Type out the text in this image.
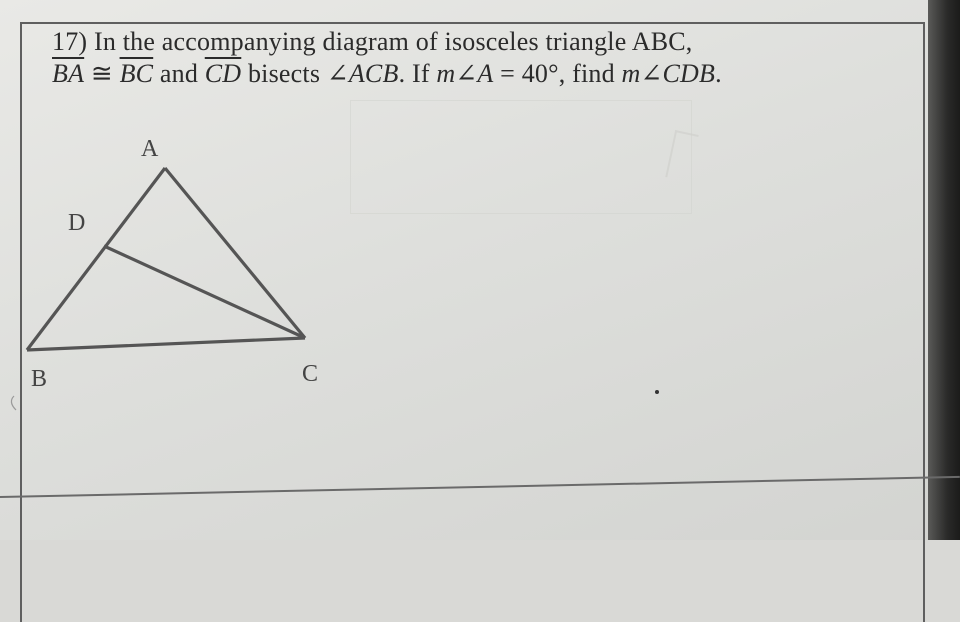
17) In the accompanying diagram of isosceles triangle ABC,
$\overline{BA}$ ≅ $\overline{BC}$ and $\overline{CD}$ bisects ∠ACB. If m∠A = 40°, find m∠CDB.
A
D
B	C
